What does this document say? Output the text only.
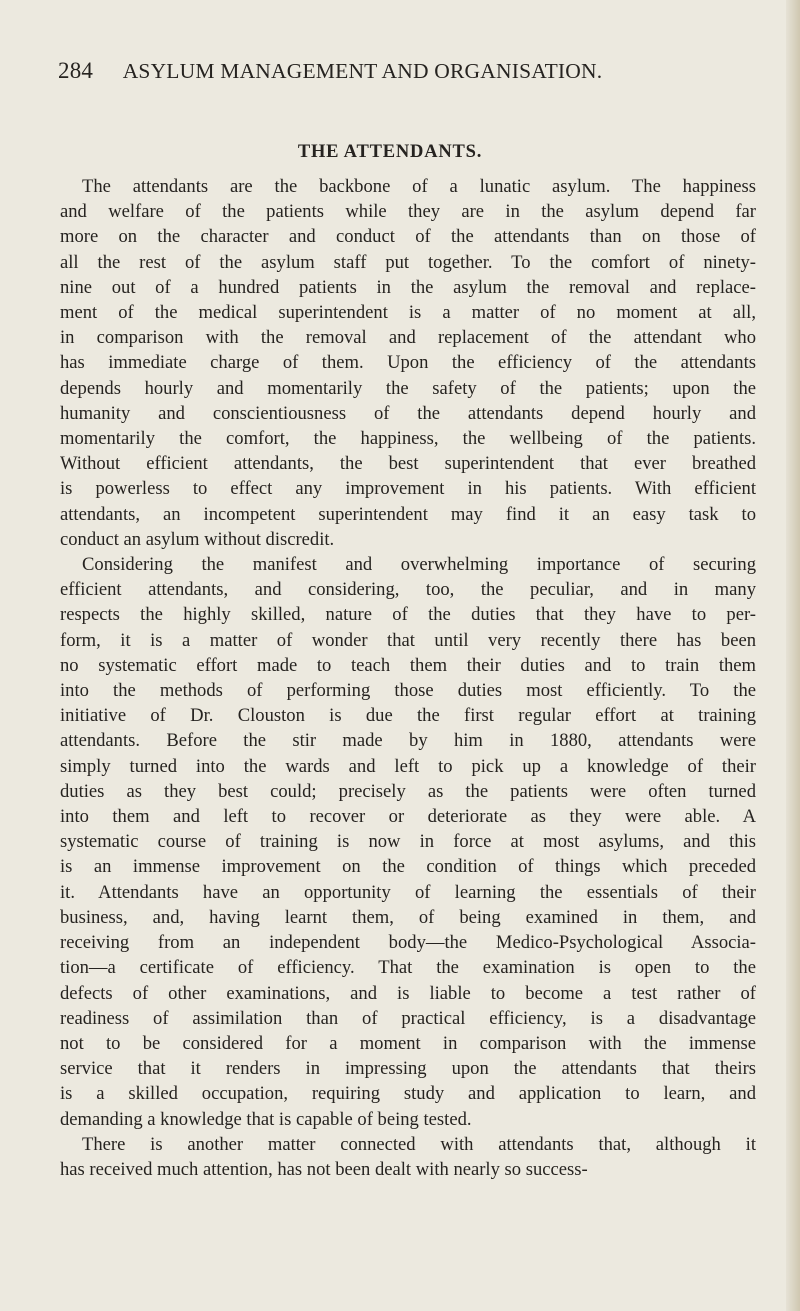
284 ASYLUM MANAGEMENT AND ORGANISATION.
THE ATTENDANTS.

The attendants are the backbone of a lunatic asylum. The happiness
and welfare of the patients while they are in the asylum depend far
more on the character and conduct of the attendants than on those of
all the rest of the asylum staff put together. To the comfort of ninety-
nine out of a hundred patients in the asylum the removal and replace-
ment of the medical superintendent is a matter of no moment at all,
in comparison with the removal and replacement of the attendant who
has immediate charge of them. Upon the efficiency of the attendants
depends hourly and momentarily the safety of the patients; upon the
humanity and conscientiousness of the attendants depend hourly and
momentarily the comfort, the happiness, the wellbeing of the patients.
Without efficient attendants, the best superintendent that ever breathed
is powerless to effect any improvement in his patients. With efficient
attendants, an incompetent superintendent may find it an easy task to
conduct an asylum without discredit.

Considering the manifest and overwhelming importance of securing
efficient attendants, and considering, too, the peculiar, and in many
respects the highly skilled, nature of the duties that they have to per-
form, it is a matter of wonder that until very recently there has been
no systematic effort made to teach them their duties and to train them
into the methods of performing those duties most efficiently. To the
initiative of Dr. Clouston is due the first regular effort at training
attendants. Before the stir made by him in 1880, attendants were
simply turned into the wards and left to pick up a knowledge of their
duties as they best could; precisely as the patients were often turned
into them and left to recover or deteriorate as they were able. A
systematic course of training is now in force at most asylums, and this
is an immense improvement on the condition of things which preceded
it. Attendants have an opportunity of learning the essentials of their
business, and, having learnt them, of being examined in them, and
receiving from an independent body—the Medico-Psychological Associa-
tion—a certificate of efficiency. That the examination is open to the
defects of other examinations, and is liable to become a test rather of
readiness of assimilation than of practical efficiency, is a disadvantage
not to be considered for a moment in comparison with the immense
service that it renders in impressing upon the attendants that theirs
is a skilled occupation, requiring study and application to learn, and
demanding a knowledge that is capable of being tested.

There is another matter connected with attendants that, although it
has received much attention, has not been dealt with nearly so success-
